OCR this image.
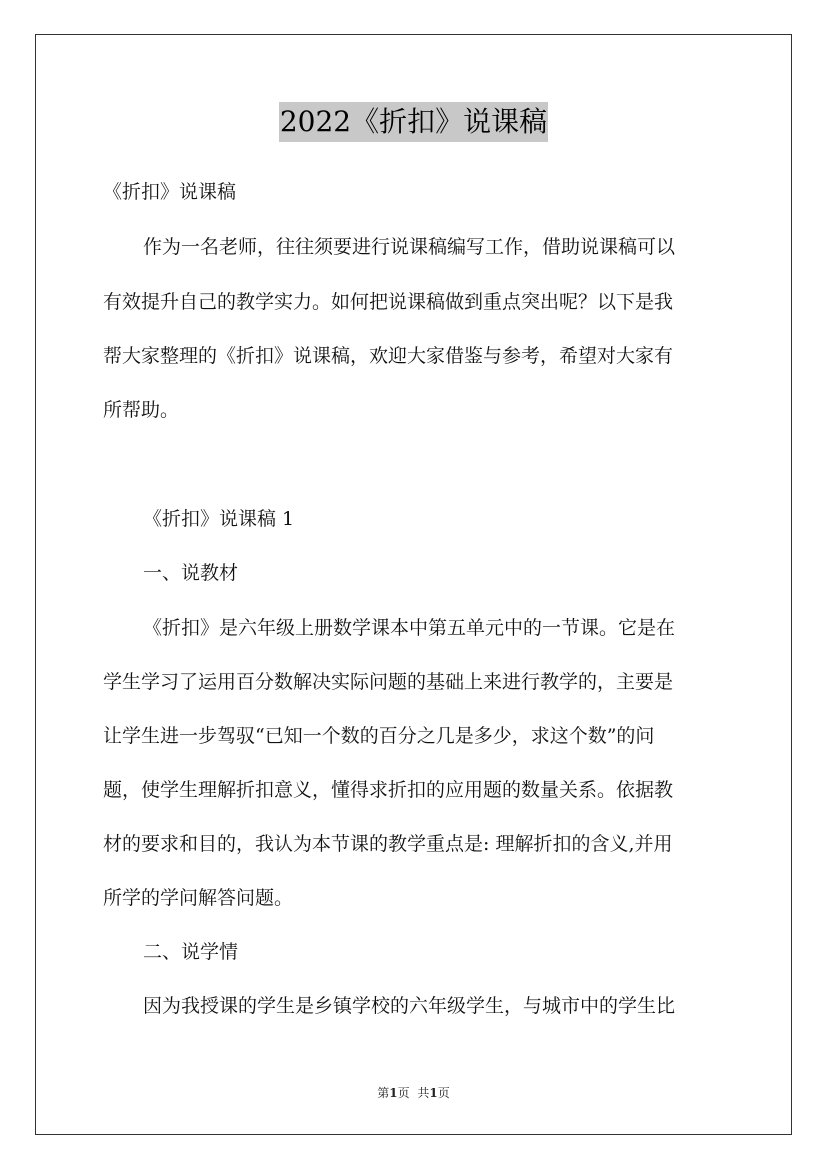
2022《折扣》说课稿
《折扣》说课稿
作为一名老师，往往须要进行说课稿编写工作，借助说课稿可以
有效提升自己的教学实力。如何把说课稿做到重点突出呢？以下是我
帮大家整理的《折扣》说课稿，欢迎大家借鉴与参考，希望对大家有
所帮助。
《折扣》说课稿 1
一、说教材
《折扣》是六年级上册数学课本中第五单元中的一节课。它是在
学生学习了运用百分数解决实际问题的基础上来进行教学的，主要是
让学生进一步驾驭“已知一个数的百分之几是多少，求这个数”的问
题，使学生理解折扣意义，懂得求折扣的应用题的数量关系。依据教
材的要求和目的，我认为本节课的教学重点是: 理解折扣的含义,并用
所学的学问解答问题。
二、说学情
因为我授课的学生是乡镇学校的六年级学生，与城市中的学生比
第1页 共1页
